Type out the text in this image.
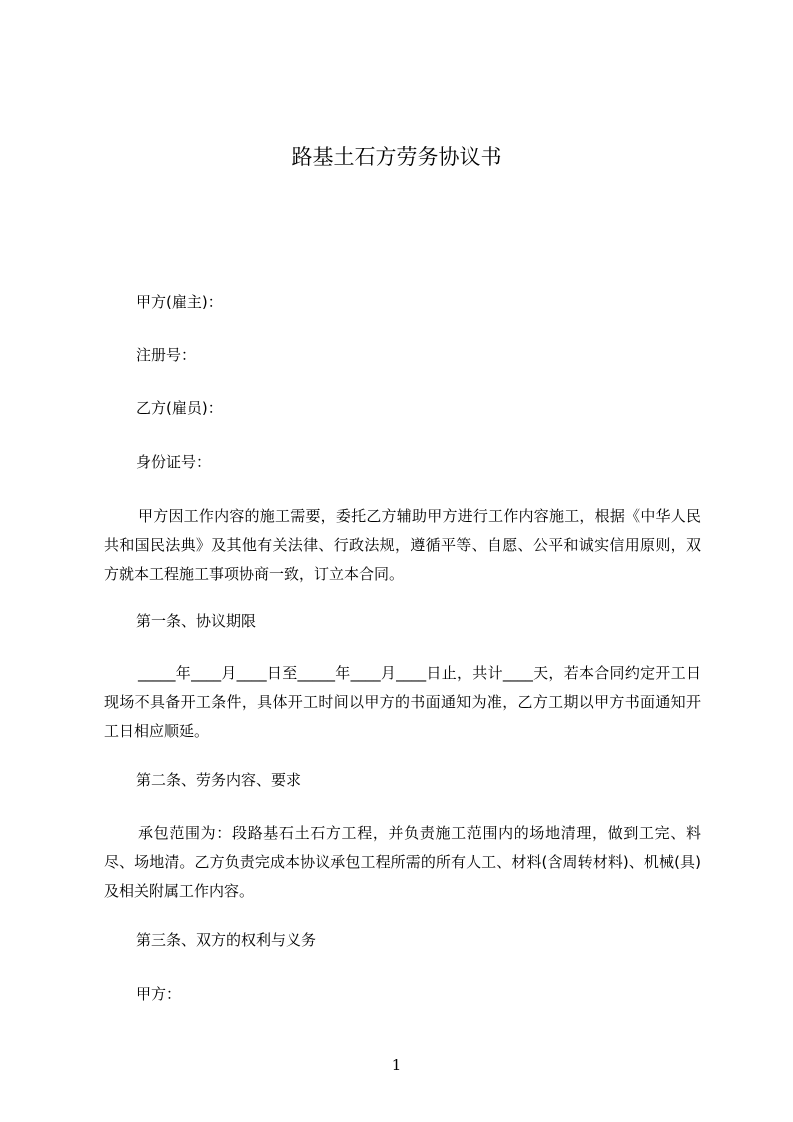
路基土石方劳务协议书
甲方(雇主)：
注册号：
乙方(雇员)：
身份证号：
甲方因工作内容的施工需要，委托乙方辅助甲方进行工作内容施工，根据《中华人民共和国民法典》及其他有关法律、行政法规，遵循平等、自愿、公平和诚实信用原则，双方就本工程施工事项协商一致，订立本合同。
第一条、协议期限
_____年____月____日至_____年____月____日止，共计____天，若本合同约定开工日现场不具备开工条件，具体开工时间以甲方的书面通知为准，乙方工期以甲方书面通知开工日相应顺延。
第二条、劳务内容、要求
承包范围为：段路基石土石方工程，并负责施工范围内的场地清理，做到工完、料尽、场地清。乙方负责完成本协议承包工程所需的所有人工、材料(含周转材料)、机械(具)及相关附属工作内容。
第三条、双方的权利与义务
甲方：
1
